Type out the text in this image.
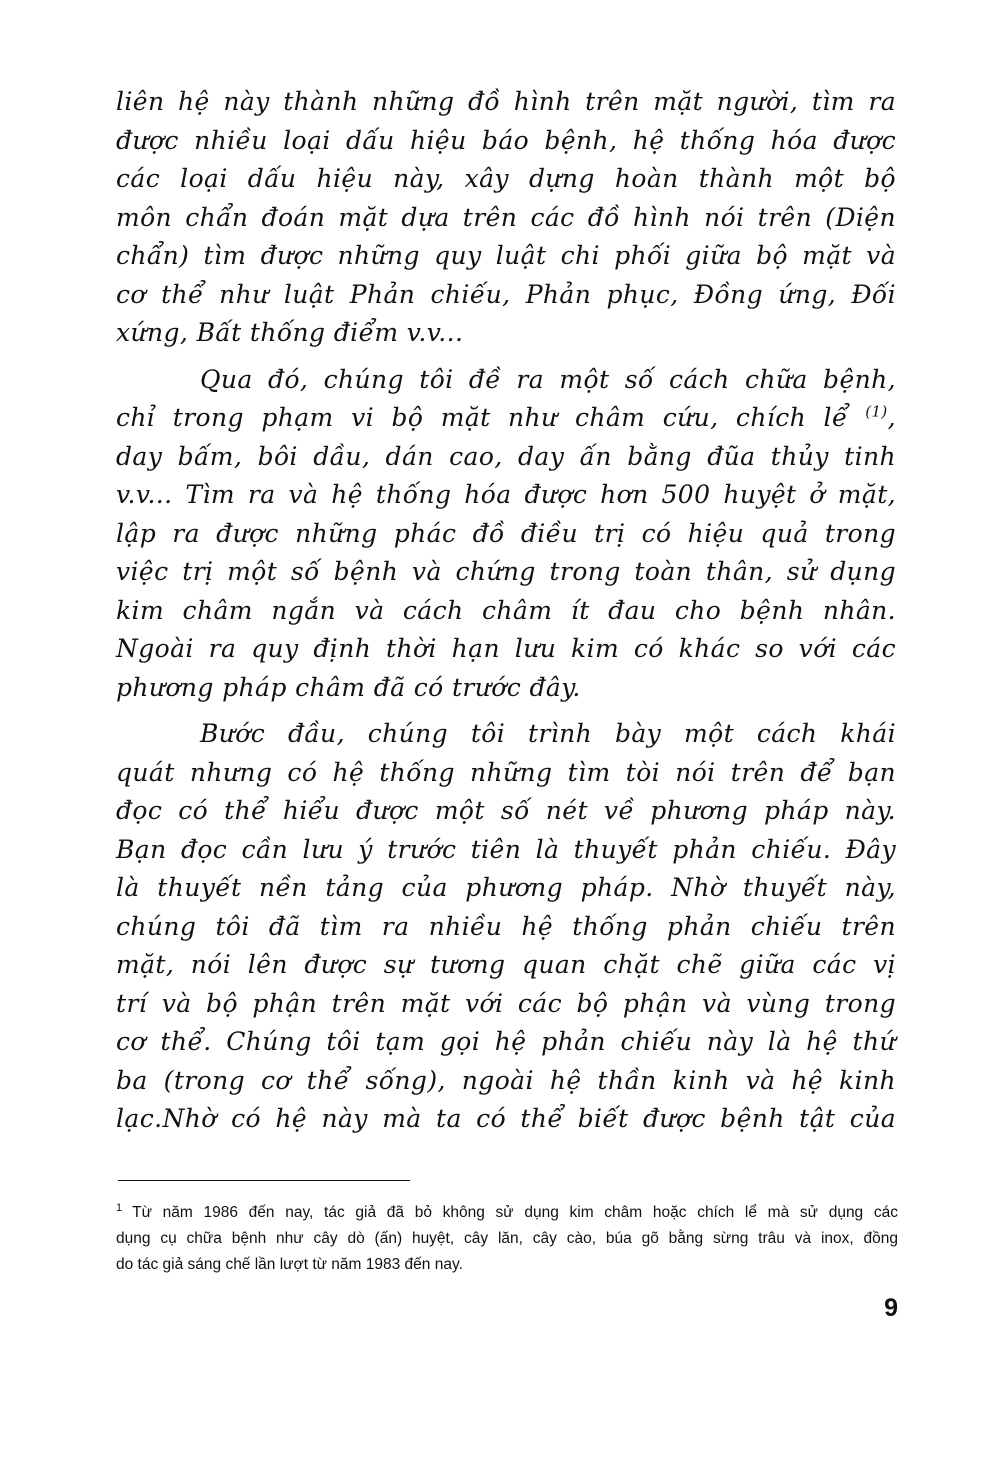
liên hệ này thành những đồ hình trên mặt người, tìm ra
được nhiều loại dấu hiệu báo bệnh, hệ thống hóa được
các loại dấu hiệu này, xây dựng hoàn thành một bộ
môn chẩn đoán mặt dựa trên các đồ hình nói trên (Diện
chẩn) tìm được những quy luật chi phối giữa bộ mặt và
cơ thể như luật Phản chiếu, Phản phục, Đồng ứng, Đối
xứng, Bất thống điểm v.v...
Qua đó, chúng tôi đề ra một số cách chữa bệnh,
chỉ trong phạm vi bộ mặt như châm cứu, chích lể $^{(1)}$,
day bấm, bôi dầu, dán cao, day ấn bằng đũa thủy tinh
v.v... Tìm ra và hệ thống hóa được hơn 500 huyệt ở mặt,
lập ra được những phác đồ điều trị có hiệu quả trong
việc trị một số bệnh và chứng trong toàn thân, sử dụng
kim châm ngắn và cách châm ít đau cho bệnh nhân.
Ngoài ra quy định thời hạn lưu kim có khác so với các
phương pháp châm đã có trước đây.
Bước đầu, chúng tôi trình bày một cách khái
quát nhưng có hệ thống những tìm tòi nói trên để bạn
đọc có thể hiểu được một số nét về phương pháp này.
Bạn đọc cần lưu ý trước tiên là thuyết phản chiếu. Đây
là thuyết nền tảng của phương pháp. Nhờ thuyết này,
chúng tôi đã tìm ra nhiều hệ thống phản chiếu trên
mặt, nói lên được sự tương quan chặt chẽ giữa các vị
trí và bộ phận trên mặt với các bộ phận và vùng trong
cơ thể. Chúng tôi tạm gọi hệ phản chiếu này là hệ thứ
ba (trong cơ thể sống), ngoài hệ thần kinh và hệ kinh
lạc.Nhờ có hệ này mà ta có thể biết được bệnh tật của
$^1$ Từ năm 1986 đến nay, tác giả đã bỏ không sử dụng kim châm hoặc chích lể mà sử dụng các
dụng cụ chữa bệnh như cây dò (ấn) huyệt, cây lăn, cây cào, búa gõ bằng sừng trâu và inox, đồng
do tác giả sáng chế lần lượt từ năm 1983 đến nay.
9
